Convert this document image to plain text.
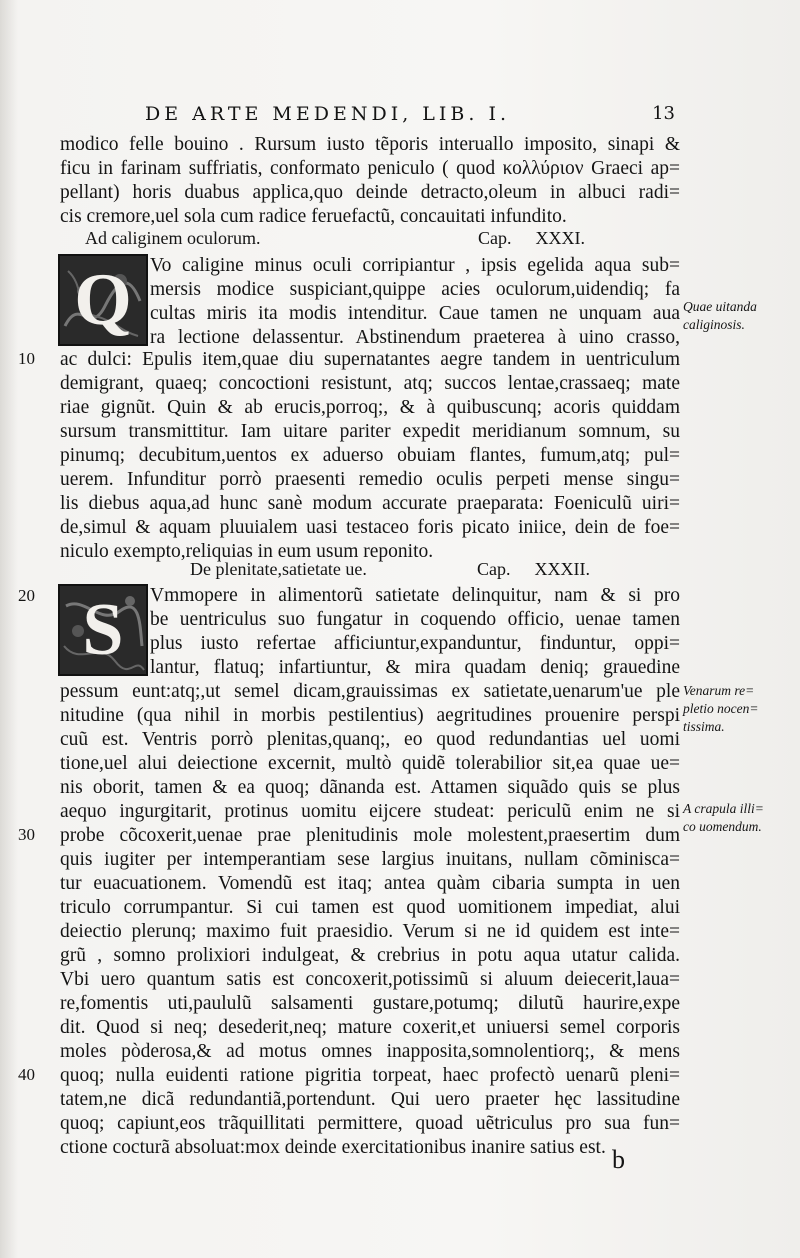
DE ARTE MEDENDI, LIB. I.	13
modico felle bouino . Rursum iusto tẽporis interuallo imposito, sinapi &
ficu in farinam suffriatis, conformato peniculo ( quod κολλύριον Graeci ap=
pellant) horis duabus applica,quo deinde detracto,oleum in albuci radi=
cis cremore,uel sola cum radice feruefactũ, concauitati infundito.
Ad caliginem oculorum.	Cap. XXXI.
Q Vo caligine minus oculi corripiantur , ipsis egelida aqua sub=
mersis modice suspiciant,quippe acies oculorum,uidendiq; fa
cultas miris ita modis intenditur. Caue tamen ne unquam aua
ra lectione delassentur. Abstinendum praeterea à uino crasso,
10 ac dulci: Epulis item,quae diu supernatantes aegre tandem in uentriculum
demigrant, quaeq; concoctioni resistunt, atq; succos lentae,crassaeq; mate
riae gignũt. Quin & ab erucis,porroq;, & à quibuscunq; acoris quiddam
sursum transmittitur. Iam uitare pariter expedit meridianum somnum, su
pinumq; decubitum,uentos ex aduerso obuiam flantes, fumum,atq; pul=
uerem. Infunditur porrò praesenti remedio oculis perpeti mense singu=
lis diebus aqua,ad hunc sanè modum accurate praeparata: Foeniculũ uiri=
de,simul & aquam pluuialem uasi testaceo foris picato iniice, dein de foe=
niculo exempto,reliquias in eum usum reponito.
De plenitate,satietate ue.	Cap. XXXII.
20 S Vmmopere in alimentorũ satietate delinquitur, nam & si pro
be uentriculus suo fungatur in coquendo officio, uenae tamen
plus iusto refertae afficiuntur,expanduntur, finduntur, oppi=
lantur, flatuq; infartiuntur, & mira quadam deniq; grauedine
pessum eunt:atq;,ut semel dicam,grauissimas ex satietate,uenarum'ue ple
nitudine (qua nihil in morbis pestilentius) aegritudines prouenire perspi
cuũ est. Ventris porrò plenitas,quanq;, eo quod redundantias uel uomi
tione,uel alui deiectione excernit, multò quidẽ tolerabilior sit,ea quae ue=
nis oborit, tamen & ea quoq; dãnanda est. Attamen siquãdo quis se plus
aequo ingurgitarit, protinus uomitu eijcere studeat: periculũ enim ne si
30 probe cõcoxerit,uenae prae plenitudinis mole molestent,praesertim dum
quis iugiter per intemperantiam sese largius inuitans, nullam cõminisca=
tur euacuationem. Vomendũ est itaq; antea quàm cibaria sumpta in uen
triculo corrumpantur. Si cui tamen est quod uomitionem impediat, alui
deiectio plerunq; maximo fuit praesidio. Verum si ne id quidem est inte=
grũ , somno prolixiori indulgeat, & crebrius in potu aqua utatur calida.
Vbi uero quantum satis est concoxerit,potissimũ si aluum deiecerit,laua=
re,fomentis uti,paululũ salsamenti gustare,potumq; dilutũ haurire,expe
dit. Quod si neq; desederit,neq; mature coxerit,et uniuersi semel corporis
moles pòderosa,& ad motus omnes inapposita,somnolentiorq;, & mens
40 quoq; nulla euidenti ratione pigritia torpeat, haec profectò uenarũ pleni=
tatem,ne dicã redundantiã,portendunt. Qui uero praeter hęc lassitudine
quoq; capiunt,eos trãquillitati permittere, quoad uẽtriculus pro sua fun=
ctione cocturã absoluat:mox deinde exercitationibus inanire satius est.
Quae uitanda
caliginosis.
Venarum re=
pletio nocen=
tissima.
A crapula illi=
co uomendum.
b
